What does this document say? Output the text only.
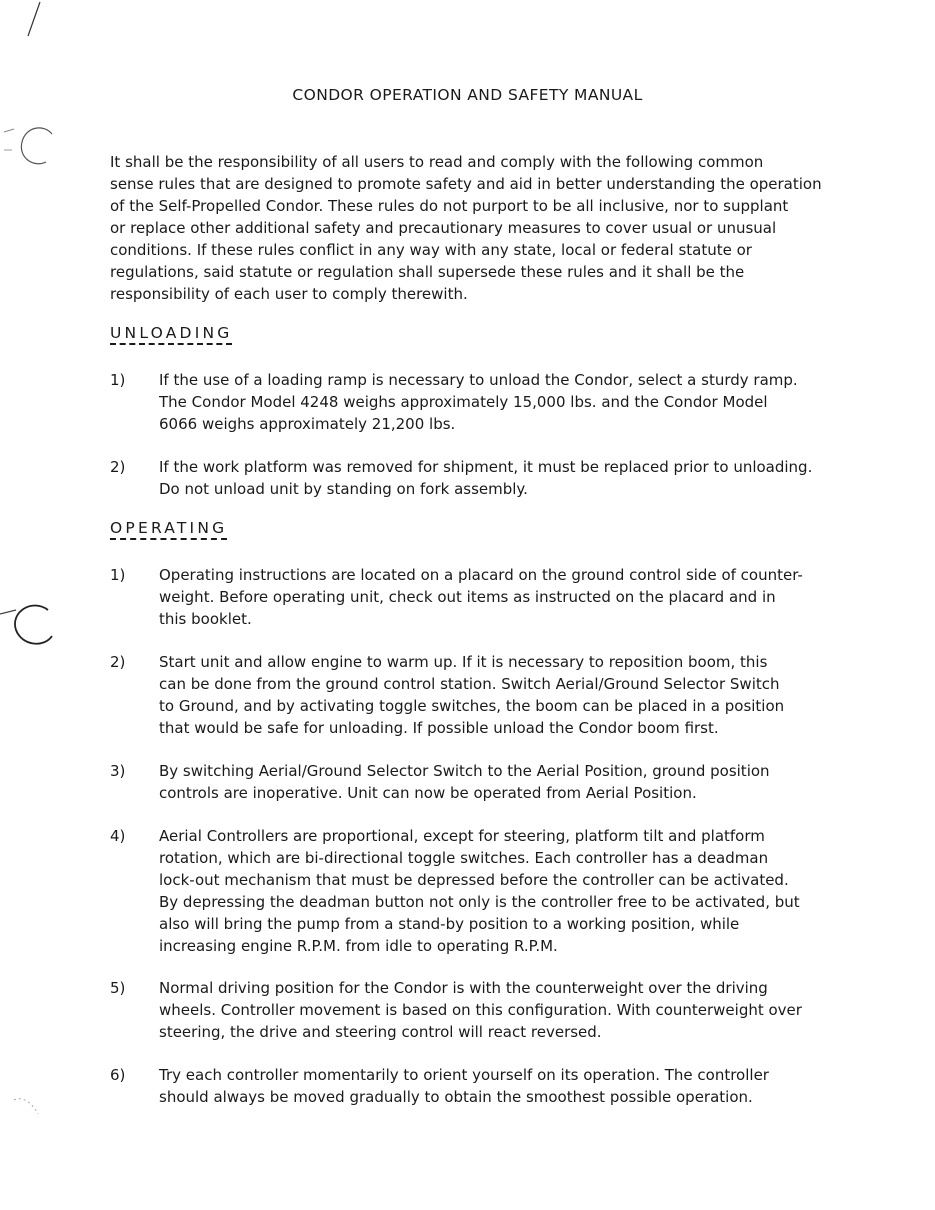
CONDOR OPERATION AND SAFETY MANUAL
It shall be the responsibility of all users to read and comply with the following common
sense rules that are designed to promote safety and aid in better understanding the operation
of the Self-Propelled Condor. These rules do not purport to be all inclusive, nor to supplant
or replace other additional safety and precautionary measures to cover usual or unusual
conditions. If these rules conflict in any way with any state, local or federal statute or
regulations, said statute or regulation shall supersede these rules and it shall be the
responsibility of each user to comply therewith.
UNLOADING
1) If the use of a loading ramp is necessary to unload the Condor, select a sturdy ramp.
The Condor Model 4248 weighs approximately 15,000 lbs. and the Condor Model
6066 weighs approximately 21,200 lbs.
2) If the work platform was removed for shipment, it must be replaced prior to unloading.
Do not unload unit by standing on fork assembly.
OPERATING
1) Operating instructions are located on a placard on the ground control side of counter-
weight. Before operating unit, check out items as instructed on the placard and in
this booklet.
2) Start unit and allow engine to warm up. If it is necessary to reposition boom, this
can be done from the ground control station. Switch Aerial/Ground Selector Switch
to Ground, and by activating toggle switches, the boom can be placed in a position
that would be safe for unloading. If possible unload the Condor boom first.
3) By switching Aerial/Ground Selector Switch to the Aerial Position, ground position
controls are inoperative. Unit can now be operated from Aerial Position.
4) Aerial Controllers are proportional, except for steering, platform tilt and platform
rotation, which are bi-directional toggle switches. Each controller has a deadman
lock-out mechanism that must be depressed before the controller can be activated.
By depressing the deadman button not only is the controller free to be activated, but
also will bring the pump from a stand-by position to a working position, while
increasing engine R.P.M. from idle to operating R.P.M.
5) Normal driving position for the Condor is with the counterweight over the driving
wheels. Controller movement is based on this configuration. With counterweight over
steering, the drive and steering control will react reversed.
6) Try each controller momentarily to orient yourself on its operation. The controller
should always be moved gradually to obtain the smoothest possible operation.
